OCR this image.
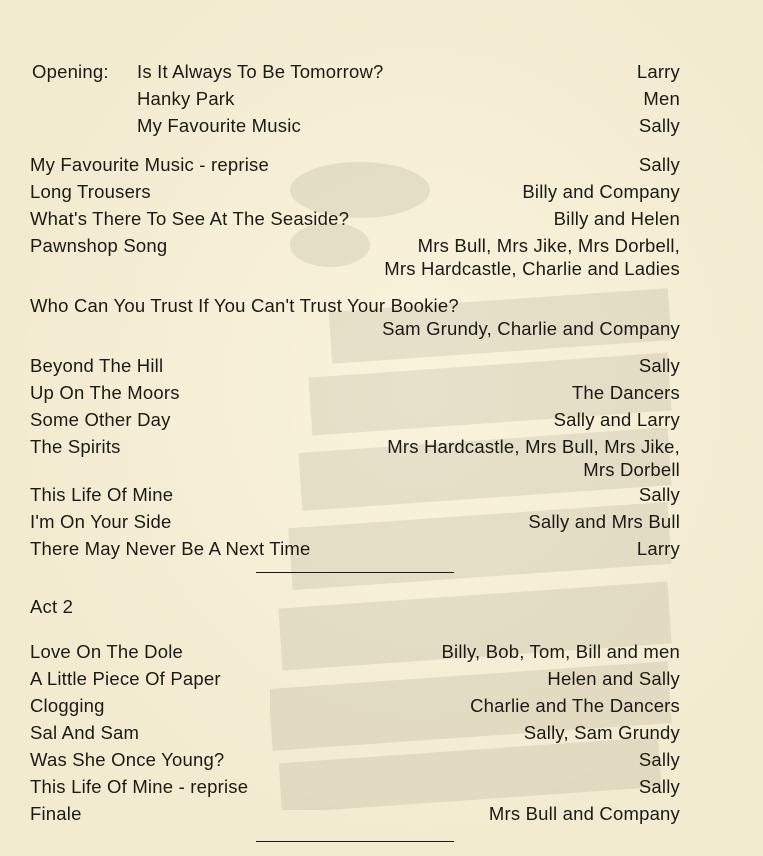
Opening: Is It Always To Be Tomorrow?	Larry
Hanky Park	Men
My Favourite Music	Sally
My Favourite Music - reprise	Sally
Long Trousers	Billy and Company
What's There To See At The Seaside?	Billy and Helen
Pawnshop Song	Mrs Bull, Mrs Jike, Mrs Dorbell,
Mrs Hardcastle, Charlie and Ladies
Who Can You Trust If You Can't Trust Your Bookie?
Sam Grundy, Charlie and Company
Beyond The Hill	Sally
Up On The Moors	The Dancers
Some Other Day	Sally and Larry
The Spirits	Mrs Hardcastle, Mrs Bull, Mrs Jike,
Mrs Dorbell
This Life Of Mine	Sally
I'm On Your Side	Sally and Mrs Bull
There May Never Be A Next Time	Larry
Act 2
Love On The Dole	Billy, Bob, Tom, Bill and men
A Little Piece Of Paper	Helen and Sally
Clogging	Charlie and The Dancers
Sal And Sam	Sally, Sam Grundy
Was She Once Young?	Sally
This Life Of Mine - reprise	Sally
Finale	Mrs Bull and Company
